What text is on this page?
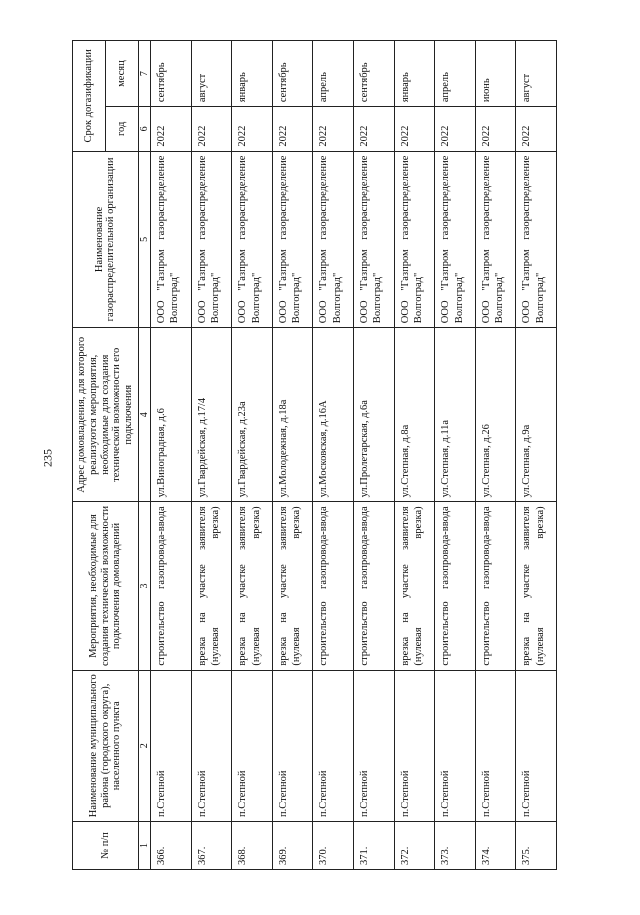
235
№ п/п	Наименование муниципального района (городского округа), населенного пункта	Мероприятия, необходимые для создания технической возможности подключения домовладений	Адрес домовладения, для которого реализуются мероприятия, необходимые для создания технической возможности его подключения	Наименование газораспределительной организации	Срок догазификации	
					год	месяц
1	2	3	4	5	6	7
366.	п.Степной	строительство газопровода-ввода	ул.Виноградная, д.6	ООО "Газпром газораспределение Волгоград"	2022	сентябрь
367.	п.Степной	врезка на участке заявителя (нулевая врезка)	ул.Гвардейская, д.17/4	ООО "Газпром газораспределение Волгоград"	2022	август
368.	п.Степной	врезка на участке заявителя (нулевая врезка)	ул.Гвардейская, д.23а	ООО "Газпром газораспределение Волгоград"	2022	январь
369.	п.Степной	врезка на участке заявителя (нулевая врезка)	ул.Молодежная, д.18а	ООО "Газпром газораспределение Волгоград"	2022	сентябрь
370.	п.Степной	строительство газопровода-ввода	ул.Московская, д.16А	ООО "Газпром газораспределение Волгоград"	2022	апрель
371.	п.Степной	строительство газопровода-ввода	ул.Пролетарская, д.6а	ООО "Газпром газораспределение Волгоград"	2022	сентябрь
372.	п.Степной	врезка на участке заявителя (нулевая врезка)	ул.Степная, д.8а	ООО "Газпром газораспределение Волгоград"	2022	январь
373.	п.Степной	строительство газопровода-ввода	ул.Степная, д.11а	ООО "Газпром газораспределение Волгоград"	2022	апрель
374.	п.Степной	строительство газопровода-ввода	ул.Степная, д.26	ООО "Газпром газораспределение Волгоград"	2022	июнь
375.	п.Степной	врезка на участке заявителя (нулевая врезка)	ул.Степная, д.9а	ООО "Газпром газораспределение Волгоград"	2022	август
